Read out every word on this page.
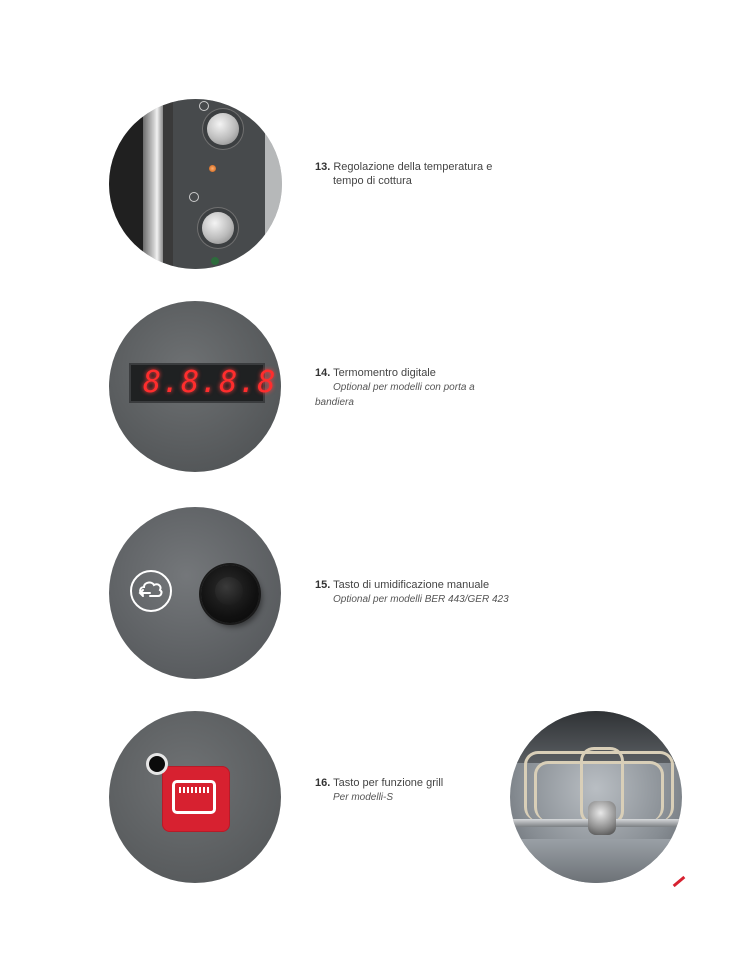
13. Regolazione della temperatura e
tempo di cottura
8.8.8.8	14. Termomentro digitale
Optional per modelli con porta a
bandiera
15. Tasto di umidificazione manuale
Optional per modelli BER 443/GER 423
16. Tasto per funzione grill
Per modelli-S
